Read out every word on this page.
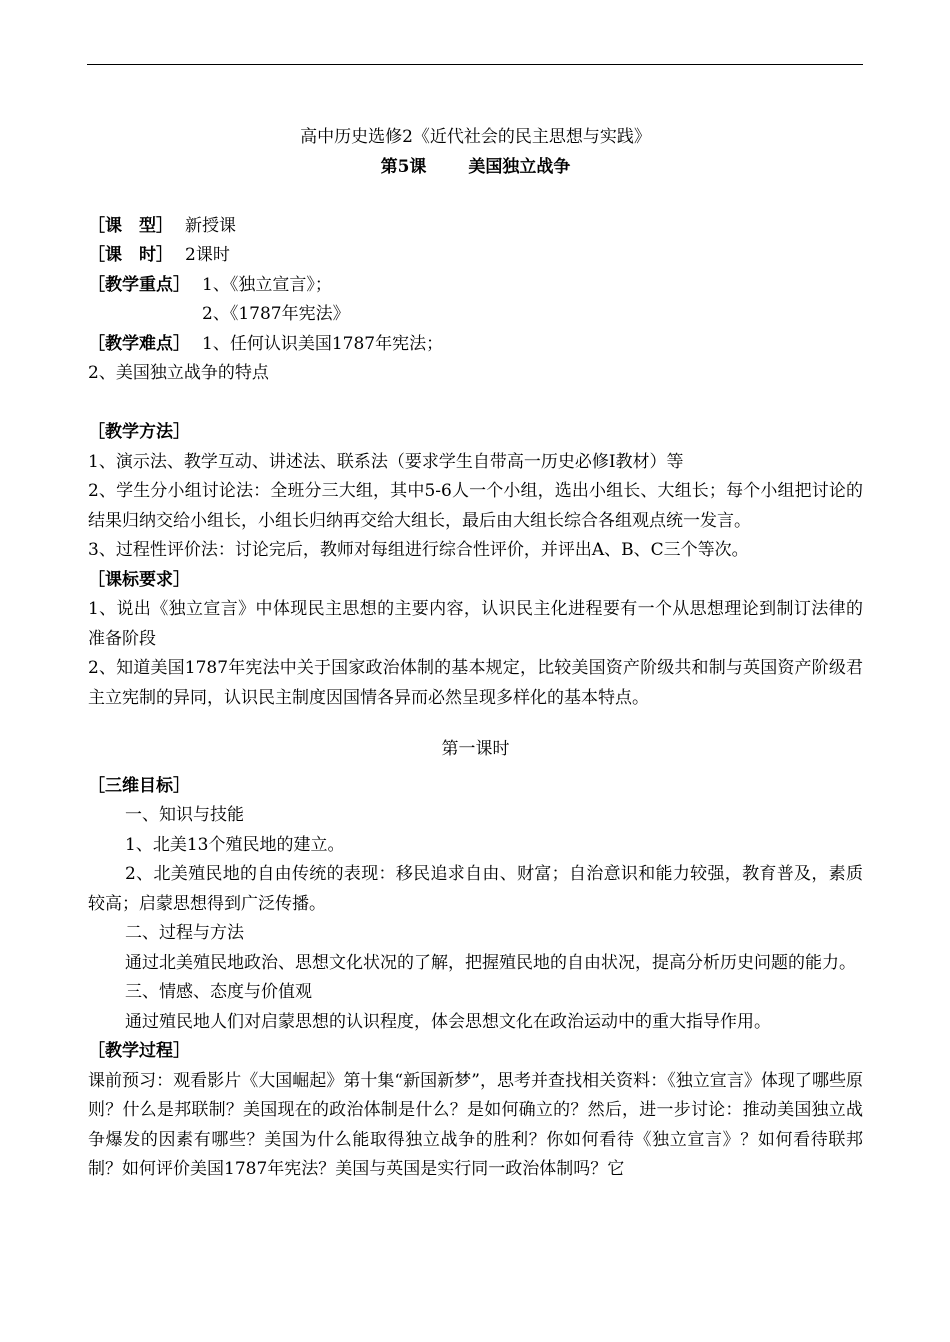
高中历史选修2《近代社会的民主思想与实践》
第5课 美国独立战争
［课　型］ 新授课
［课　时］ 2课时
［教学重点］ 1、《独立宣言》；
2、《1787年宪法》
［教学难点］ 1、任何认识美国1787年宪法；
2、美国独立战争的特点
［教学方法］
1、演示法、教学互动、讲述法、联系法（要求学生自带高一历史必修I教材）等
2、学生分小组讨论法：全班分三大组，其中5-6人一个小组，选出小组长、大组长；每个小组把讨论的结果归纳交给小组长，小组长归纳再交给大组长，最后由大组长综合各组观点统一发言。
3、过程性评价法：讨论完后，教师对每组进行综合性评价，并评出A、B、C三个等次。
［课标要求］
1、说出《独立宣言》中体现民主思想的主要内容，认识民主化进程要有一个从思想理论到制订法律的准备阶段
2、知道美国1787年宪法中关于国家政治体制的基本规定，比较美国资产阶级共和制与英国资产阶级君主立宪制的异同，认识民主制度因国情各异而必然呈现多样化的基本特点。
第一课时
［三维目标］
一、知识与技能
1、北美13个殖民地的建立。
2、北美殖民地的自由传统的表现：移民追求自由、财富；自治意识和能力较强，教育普及，素质较高；启蒙思想得到广泛传播。
二、过程与方法
通过北美殖民地政治、思想文化状况的了解，把握殖民地的自由状况，提高分析历史问题的能力。
三、情感、态度与价值观
通过殖民地人们对启蒙思想的认识程度，体会思想文化在政治运动中的重大指导作用。
［教学过程］
课前预习：观看影片《大国崛起》第十集“新国新梦”，思考并查找相关资料：《独立宣言》体现了哪些原则？什么是邦联制？美国现在的政治体制是什么？是如何确立的？然后，进一步讨论：推动美国独立战争爆发的因素有哪些？美国为什么能取得独立战争的胜利？你如何看待《独立宣言》？如何看待联邦制？如何评价美国1787年宪法？美国与英国是实行同一政治体制吗？它
